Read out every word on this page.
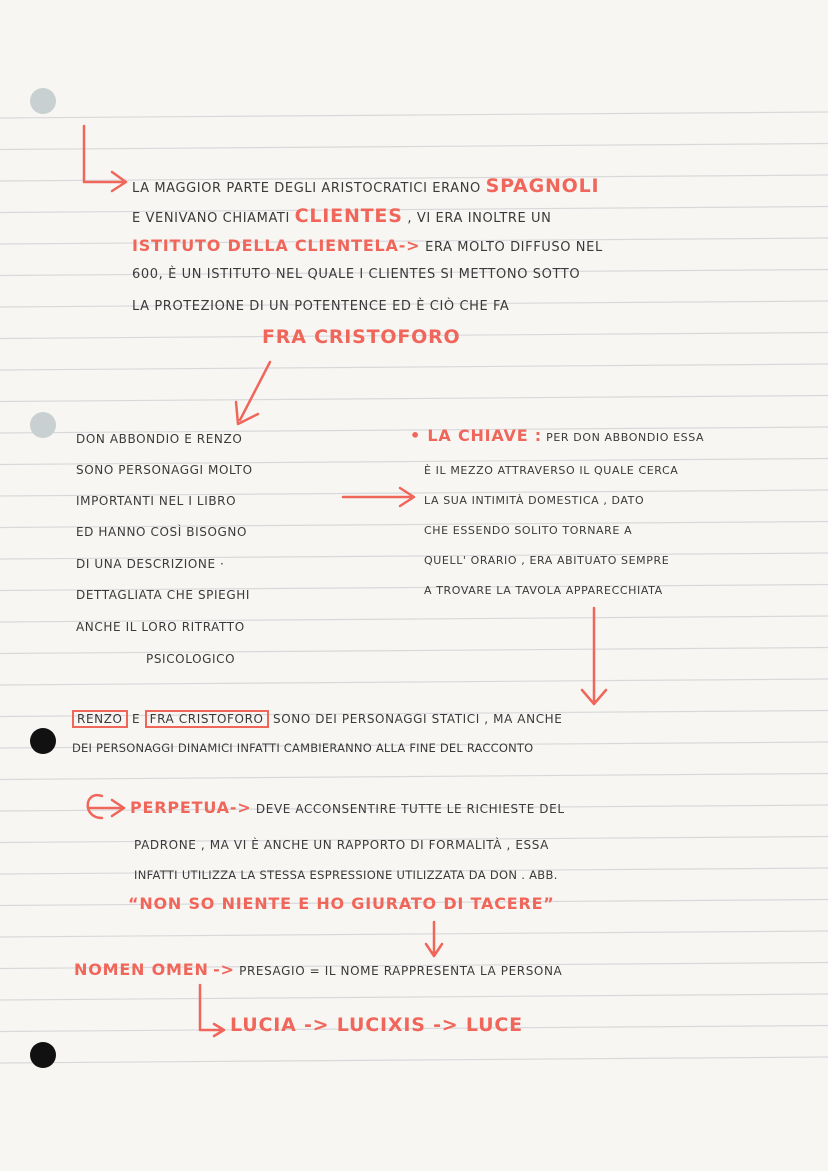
LA MAGGIOR PARTE DEGLI ARISTOCRATICI ERANO SPAGNOLI
E VENIVANO CHIAMATI CLIENTES , VI ERA INOLTRE UN
ISTITUTO DELLA CLIENTELA-> ERA MOLTO DIFFUSO NEL
600, È UN ISTITUTO NEL QUALE I CLIENTES SI METTONO SOTTO
LA PROTEZIONE DI UN POTENTENCE ED È CIÒ CHE FA
FRA CRISTOFORO
DON ABBONDIO E RENZO
SONO PERSONAGGI MOLTO
IMPORTANTI NEL I LIBRO
ED HANNO COSÌ BISOGNO
DI UNA DESCRIZIONE ·
DETTAGLIATA CHE SPIEGHI
ANCHE IL LORO RITRATTO
PSICOLOGICO
• LA CHIAVE : PER DON ABBONDIO ESSA
È IL MEZZO ATTRAVERSO IL QUALE CERCA
LA SUA INTIMITÀ DOMESTICA , DATO
CHE ESSENDO SOLITO TORNARE A
QUELL' ORARIO , ERA ABITUATO SEMPRE
A TROVARE LA TAVOLA APPARECCHIATA
RENZO E FRA CRISTOFORO SONO DEI PERSONAGGI STATICI , MA ANCHE
DEI PERSONAGGI DINAMICI INFATTI CAMBIERANNO ALLA FINE DEL RACCONTO
PERPETUA-> DEVE ACCONSENTIRE TUTTE LE RICHIESTE DEL
PADRONE , MA VI È ANCHE UN RAPPORTO DI FORMALITÀ , ESSA
INFATTI UTILIZZA LA STESSA ESPRESSIONE UTILIZZATA DA DON . ABB.
“NON SO NIENTE E HO GIURATO DI TACERE”
NOMEN OMEN -> PRESAGIO = IL NOME RAPPRESENTA LA PERSONA
LUCIA -> LUCIXIS -> LUCE
